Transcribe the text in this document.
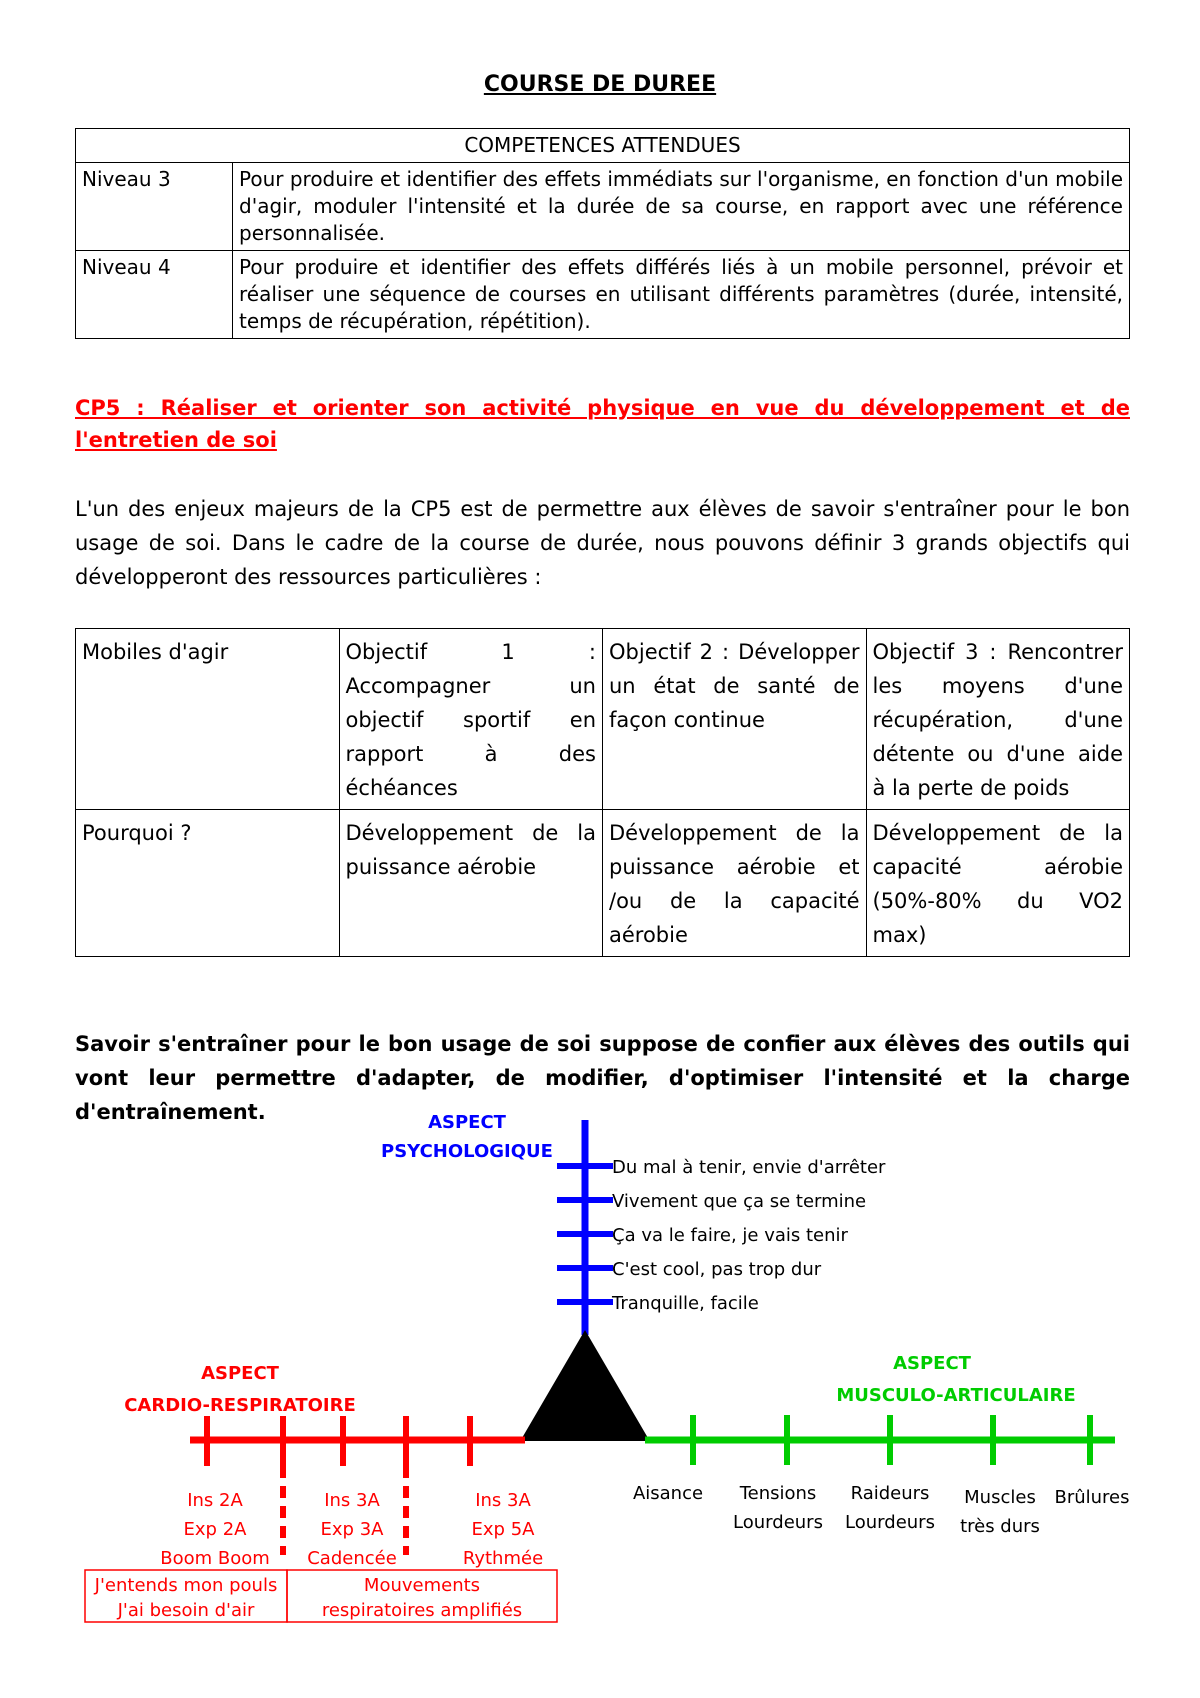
COURSE DE DUREE
COMPETENCES ATTENDUES	
Niveau 3	Pour produire et identifier des effets immédiats sur l'organisme, en fonction d'un mobile d'agir, moduler l'intensité et la durée de sa course, en rapport avec une référence personnalisée.
Niveau 4	Pour produire et identifier des effets différés liés à un mobile personnel, prévoir et réaliser une séquence de courses en utilisant différents paramètres (durée, intensité, temps de récupération, répétition).
CP5 : Réaliser et orienter son activité physique en vue du développement et de l'entretien de soi
L'un des enjeux majeurs de la CP5 est de permettre aux élèves de savoir s'entraîner pour le bon usage de soi. Dans le cadre de la course de durée, nous pouvons définir 3 grands objectifs qui développeront des ressources particulières :
Mobiles d'agir	Objectif 1 : Accompagner un objectif sportif en rapport à des échéances	Objectif 2 : Développer un état de santé de façon continue	Objectif 3 : Rencontrer les moyens d'une récupération, d'une détente ou d'une aide à la perte de poids
Pourquoi ?	Développement de la puissance aérobie	Développement de la puissance aérobie et /ou de la capacité aérobie	Développement de la capacité aérobie (50%-80% du VO2 max)
Savoir s'entraîner pour le bon usage de soi suppose de confier aux élèves des outils qui vont leur permettre d'adapter, de modifier, d'optimiser l'intensité et la charge d'entraînement.	ASPECT
PSYCHOLOGIQUE
Du mal à tenir, envie d'arrêter
Vivement que ça se termine
Ça va le faire, je vais tenir
C'est cool, pas trop dur
Tranquille, facile
ASPECT
CARDIO-RESPIRATOIRE
Ins 2A
Exp 2A
Boom Boom
Ins 3A
Exp 3A
Cadencée
Ins 3A
Exp 5A
Rythmée
J'entends mon pouls
J'ai besoin d'air
Mouvements
respiratoires amplifiés
ASPECT
MUSCULO-ARTICULAIRE
Aisance Tensions
Lourdeurs
Raideurs
Lourdeurs
Muscles
très durs
Brûlures
